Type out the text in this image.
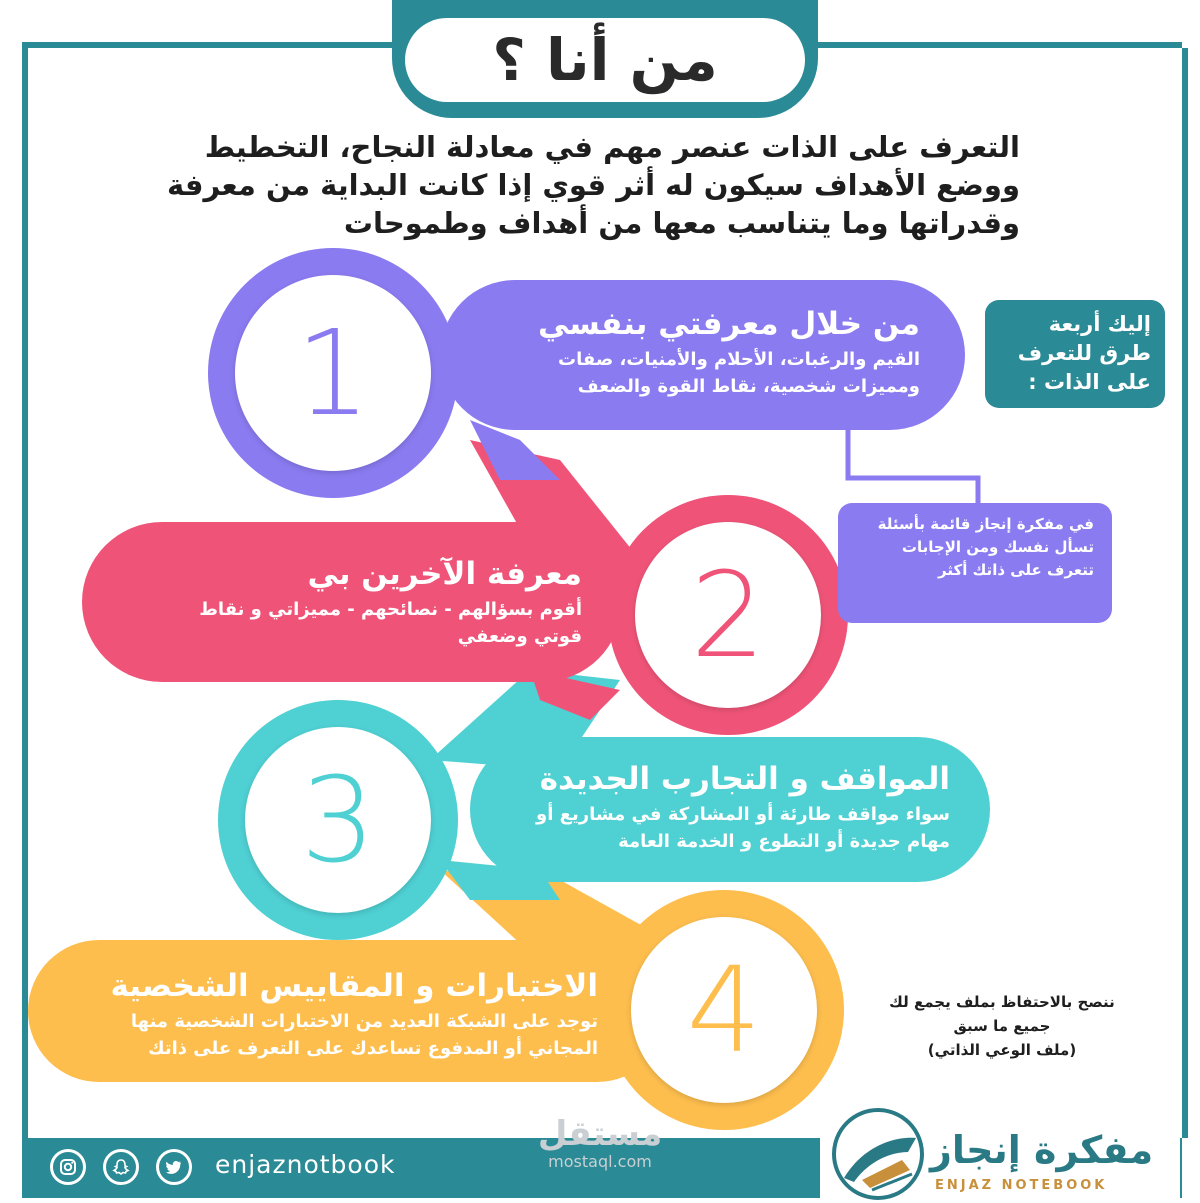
من أنا ؟
التعرف على الذات عنصر مهم في معادلة النجاح، التخطيط
ووضع الأهداف سيكون له أثر قوي إذا كانت البداية من معرفة
وقدراتها وما يتناسب معها من أهداف وطموحات
من خلال معرفتي بنفسي
القيم والرغبات، الأحلام والأمنيات، صفات ومميزات شخصية، نقاط القوة والضعف
معرفة الآخرين بي
أقوم بسؤالهم - نصائحهم - مميزاتي و نقاط قوتي وضعفي
المواقف و التجارب الجديدة
سواء مواقف طارئة أو المشاركة في مشاريع أو مهام جديدة أو التطوع و الخدمة العامة
الاختبارات و المقاييس الشخصية
توجد على الشبكة العديد من الاختبارات الشخصية منها المجاني أو المدفوع تساعدك على التعرف على ذاتك
1
2
3
4
إليك أربعة
طرق للتعرف
على الذات :
في مفكرة إنجاز قائمة بأسئلة تسأل نفسك ومن الإجابات تتعرف على ذاتك أكثر
ننصح بالاحتفاظ بملف يجمع لك
جميع ما سبق
(ملف الوعي الذاتي)
enjaznotbook
مستقل
mostaql.com	مفكرة إنجاز
ENJAZ NOTEBOOK
